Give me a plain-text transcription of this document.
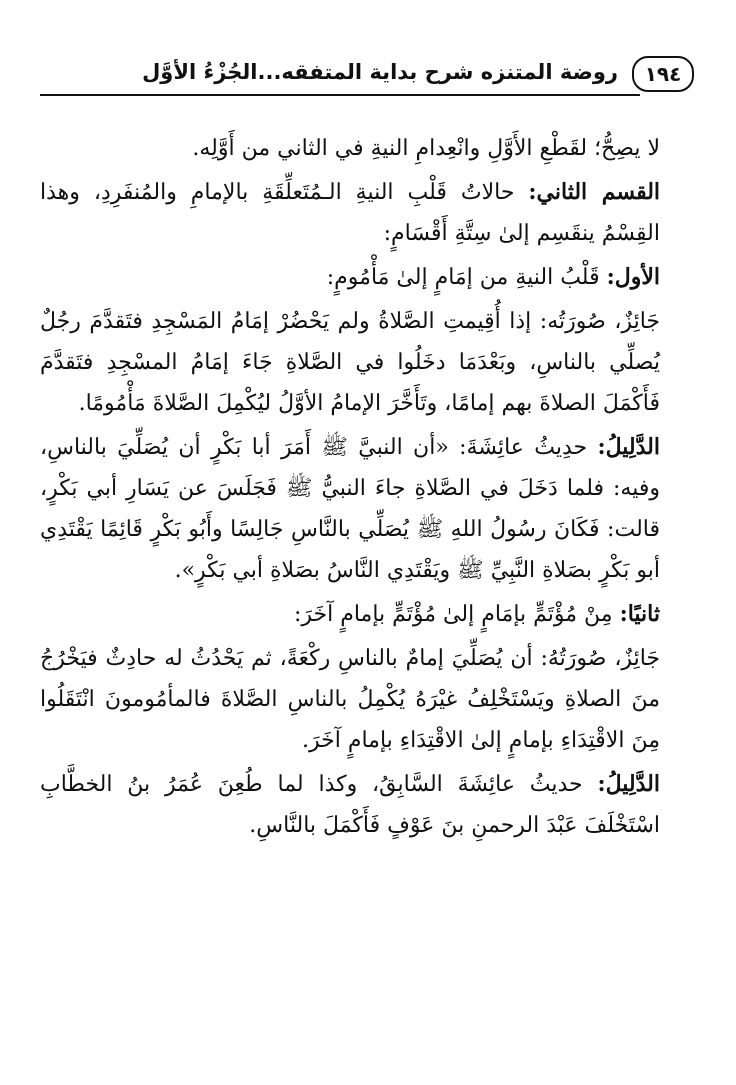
١٩٤
روضة المتنزه شرح بداية المتفقه...الجُزْءُ الأوَّل

لا يصِحُّ؛ لقَطْعِ الأَوَّلِ وانْعِدامِ النيةِ في الثاني من أَوَّلِه.

القسم الثاني: حالاتُ قَلْبِ النيةِ الـمُتَعلِّقَةِ بالإمامِ والمُنفَرِدِ، وهذا القِسْمُ ينقَسِم إلىٰ سِتَّةِ أَقْسَامٍ:

الأول: قَلْبُ النيةِ من إمَامٍ إلىٰ مَأْمُومٍ:

جَائِزٌ، صُورَتُه: إذا أُقِيمتِ الصَّلاةُ ولم يَحْضُرْ إمَامُ المَسْجِدِ فتَقدَّمَ رجُلٌ يُصلِّي بالناسِ، وبَعْدَمَا دخَلُوا في الصَّلاةِ جَاءَ إمَامُ المسْجِدِ فتَقدَّمَ فَأَكْمَلَ الصلاةَ بهم إمامًا، وتَأَخَّرَ الإمامُ الأوَّلُ ليُكْمِلَ الصَّلاةَ مَأْمُومًا.

الدَّلِيلُ: حدِيثُ عائِشَةَ: «أن النبيَّ ﷺ أَمَرَ أبا بَكْرٍ أن يُصَلِّيَ بالناسِ، وفيه: فلما دَخَلَ في الصَّلاةِ جاءَ النبيُّ ﷺ فَجَلَسَ عن يَسَارِ أبي بَكْرٍ، قالت: فَكَانَ رسُولُ اللهِ ﷺ يُصَلِّي بالنَّاسِ جَالِسًا وأَبُو بَكْرٍ قَائِمًا يَقْتَدِي أبو بَكْرٍ بصَلاةِ النَّبِيِّ ﷺ ويَقْتَدِي النَّاسُ بصَلاةِ أبي بَكْرٍ».

ثانيًا: مِنْ مُؤْتَمٍّ بإمَامٍ إلىٰ مُؤْتَمٍّ بإمامٍ آخَرَ:

جَائِزٌ، صُورَتُهُ: أن يُصَلِّيَ إمامٌ بالناسِ ركْعَةً، ثم يَحْدُثُ له حادِثٌ فيَخْرُجُ منَ الصلاةِ ويَسْتَخْلِفُ غيْرَهُ يُكْمِلُ بالناسِ الصَّلاةَ فالمأمُومونَ انْتَقَلُوا مِنَ الاقْتِدَاءِ بإمامٍ إلىٰ الاقْتِدَاءِ بإمامٍ آخَرَ.

الدَّلِيلُ: حديثُ عائِشَةَ السَّابِقُ، وكذا لما طُعِنَ عُمَرُ بنُ الخطَّابِ اسْتَخْلَفَ عَبْدَ الرحمنِ بنَ عَوْفٍ فَأَكْمَلَ بالنَّاسِ.
